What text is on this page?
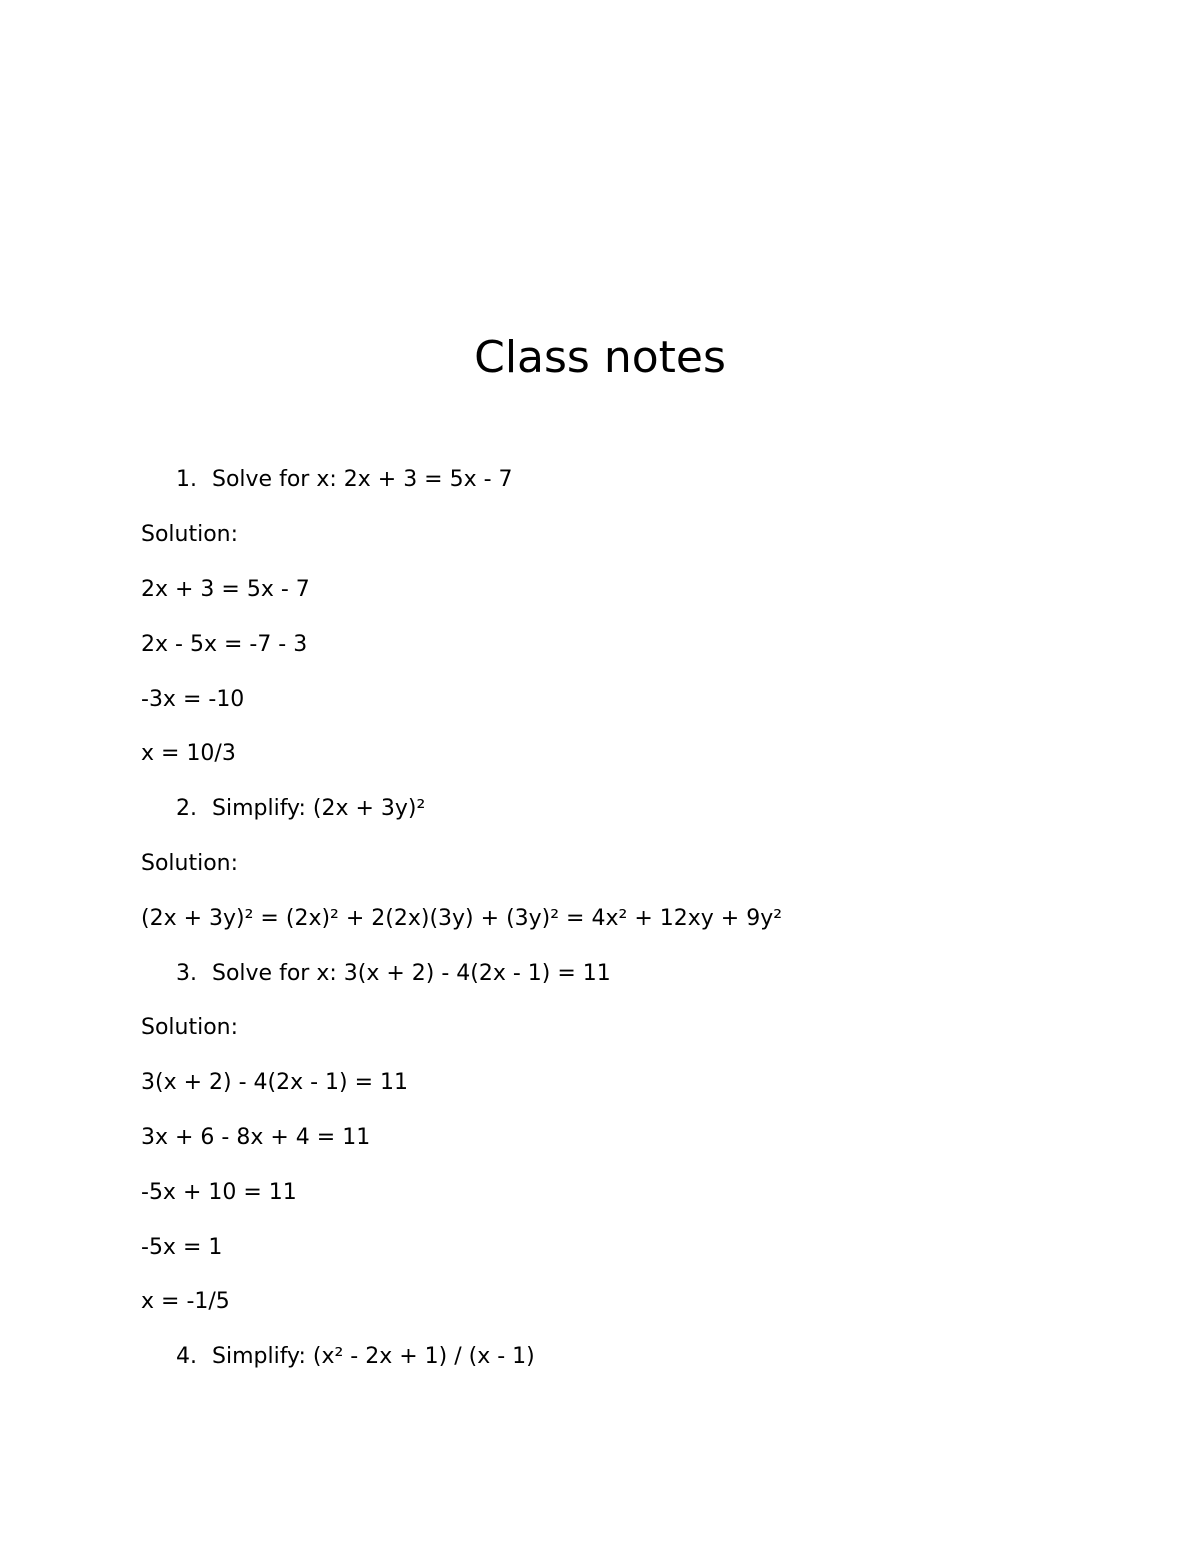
Class notes
1. Solve for x: 2x + 3 = 5x - 7
Solution:
2x + 3 = 5x - 7
2x - 5x = -7 - 3
-3x = -10
x = 10/3
2. Simplify: (2x + 3y)²
Solution:
(2x + 3y)² = (2x)² + 2(2x)(3y) + (3y)² = 4x² + 12xy + 9y²
3. Solve for x: 3(x + 2) - 4(2x - 1) = 11
Solution:
3(x + 2) - 4(2x - 1) = 11
3x + 6 - 8x + 4 = 11
-5x + 10 = 11
-5x = 1
x = -1/5
4. Simplify: (x² - 2x + 1) / (x - 1)
